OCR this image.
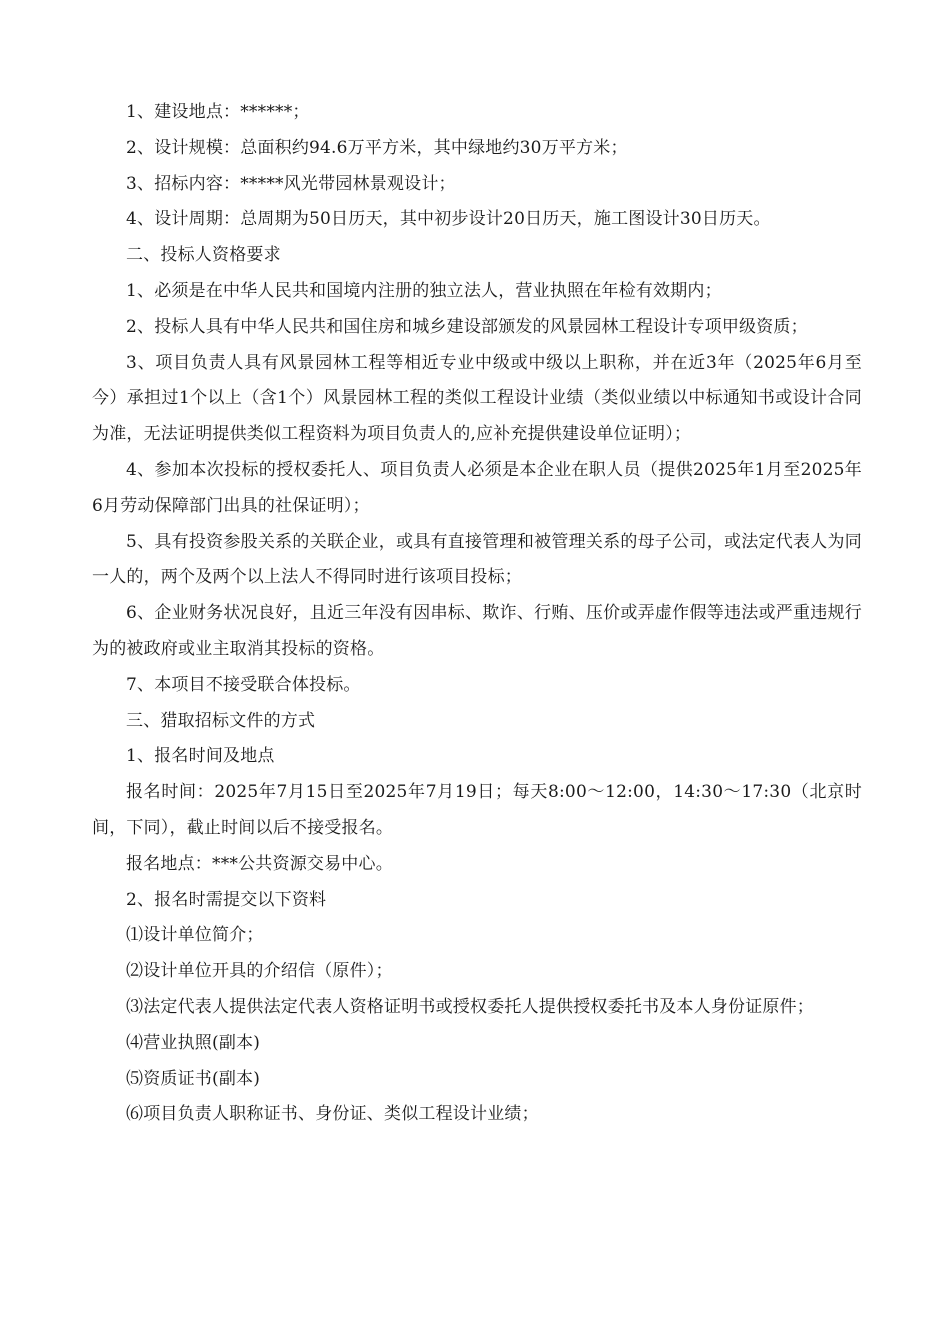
1、建设地点：******；

2、设计规模：总面积约94.6万平方米，其中绿地约30万平方米；

3、招标内容：*****风光带园林景观设计；

4、设计周期：总周期为50日历天，其中初步设计20日历天，施工图设计30日历天。

二、投标人资格要求

1、必须是在中华人民共和国境内注册的独立法人，营业执照在年检有效期内；

2、投标人具有中华人民共和国住房和城乡建设部颁发的风景园林工程设计专项甲级资质；

3、项目负责人具有风景园林工程等相近专业中级或中级以上职称，并在近3年（2025年6月至今）承担过1个以上（含1个）风景园林工程的类似工程设计业绩（类似业绩以中标通知书或设计合同为准，无法证明提供类似工程资料为项目负责人的,应补充提供建设单位证明）；

4、参加本次投标的授权委托人、项目负责人必须是本企业在职人员（提供2025年1月至2025年6月劳动保障部门出具的社保证明）；

5、具有投资参股关系的关联企业，或具有直接管理和被管理关系的母子公司，或法定代表人为同一人的，两个及两个以上法人不得同时进行该项目投标；

6、企业财务状况良好，且近三年没有因串标、欺诈、行贿、压价或弄虚作假等违法或严重违规行为的被政府或业主取消其投标的资格。

7、本项目不接受联合体投标。

三、猎取招标文件的方式

1、报名时间及地点

报名时间：2025年7月15日至2025年7月19日；每天8:00～12:00，14:30～17:30（北京时间，下同），截止时间以后不接受报名。

报名地点：***公共资源交易中心。

2、报名时需提交以下资料

⑴设计单位简介；

⑵设计单位开具的介绍信（原件）；

⑶法定代表人提供法定代表人资格证明书或授权委托人提供授权委托书及本人身份证原件；

⑷营业执照(副本)

⑸资质证书(副本)

⑹项目负责人职称证书、身份证、类似工程设计业绩；
